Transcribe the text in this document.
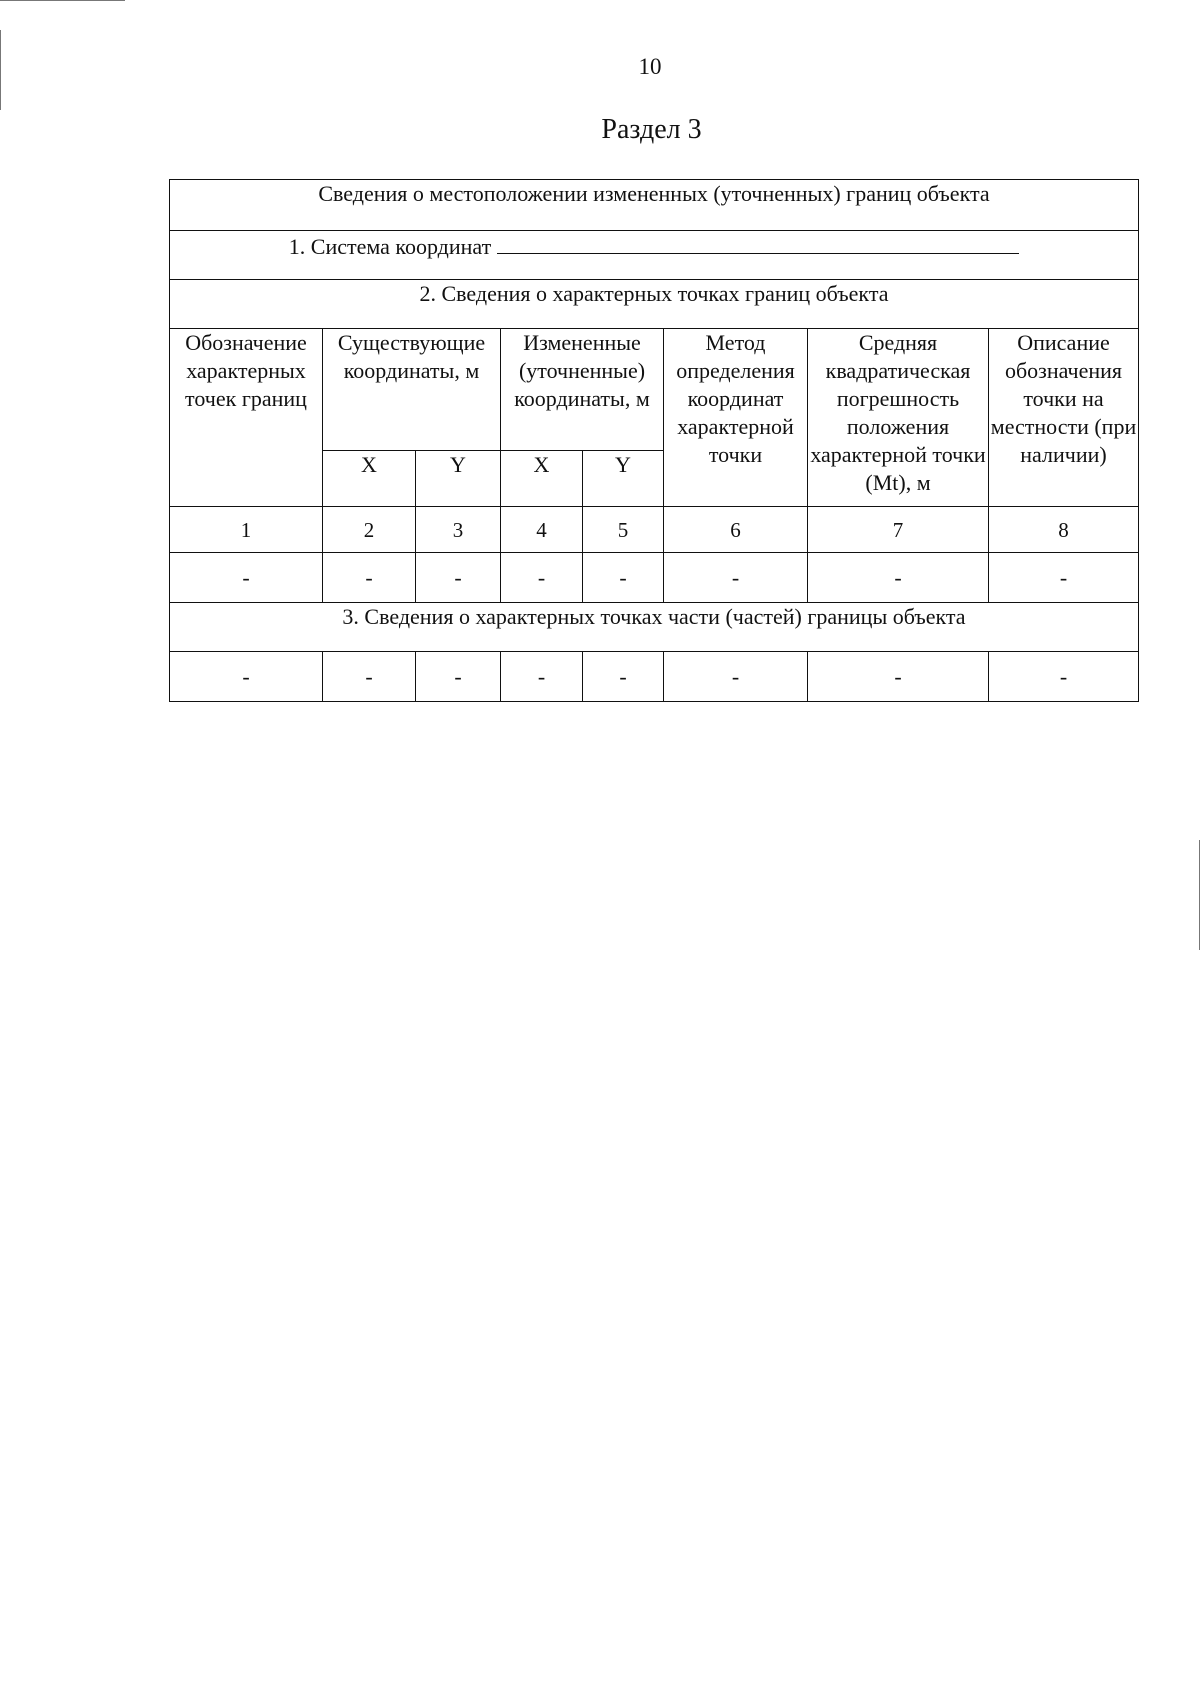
10
Раздел 3
Сведения о местоположении измененных (уточненных) границ объекта							
1. Система координат							
2. Сведения о характерных точках границ объекта							
Обозначение характерных точек границ	Существующие координаты, м		Измененные (уточненные) координаты, м		Метод определения координат характерной точки	Средняя квадратическая погрешность положения характерной точки (Mt), м	Описание обозначения точки на местности (при наличии)
	X	Y	X	Y			
1	2	3	4	5	6	7	8
-	-	-	-	-	-	-	-
3. Сведения о характерных точках части (частей) границы объекта							
-	-	-	-	-	-	-	-
